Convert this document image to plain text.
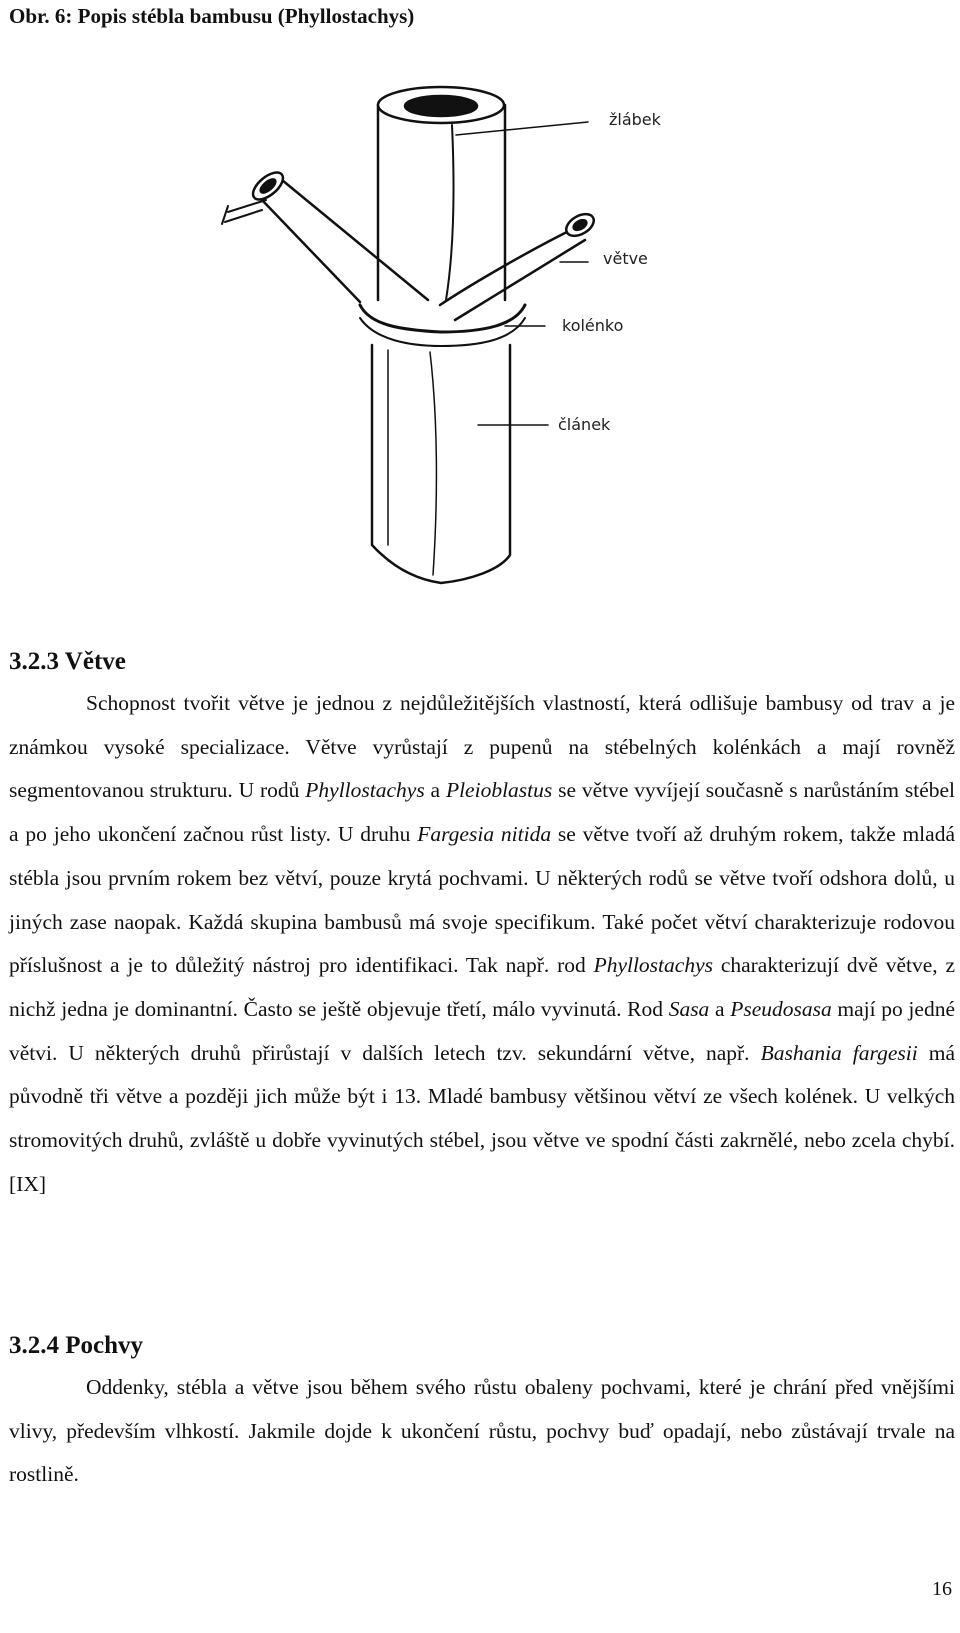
Obr. 6: Popis stébla bambusu (Phyllostachys)

žlábek
větve
kolénko
článek
3.2.3 Větve

Schopnost tvořit větve je jednou z nejdůležitějších vlastností, která odlišuje bambusy od trav a je známkou vysoké specializace. Větve vyrůstají z pupenů na stébelných kolénkách a mají rovněž segmentovanou strukturu. U rodů Phyllostachys a Pleioblastus se větve vyvíjejí současně s narůstáním stébel a po jeho ukončení začnou růst listy. U druhu Fargesia nitida se větve tvoří až druhým rokem, takže mladá stébla jsou prvním rokem bez větví, pouze krytá pochvami. U některých rodů se větve tvoří odshora dolů, u jiných zase naopak. Každá skupina bambusů má svoje specifikum. Také počet větví charakterizuje rodovou příslušnost a je to důležitý nástroj pro identifikaci. Tak např. rod Phyllostachys charakterizují dvě větve, z nichž jedna je dominantní. Často se ještě objevuje třetí, málo vyvinutá. Rod Sasa a Pseudosasa mají po jedné větvi. U některých druhů přirůstají v dalších letech tzv. sekundární větve, např. Bashania fargesii má původně tři větve a později jich může být i 13. Mladé bambusy většinou větví ze všech kolének. U velkých stromovitých druhů, zvláště u dobře vyvinutých stébel, jsou větve ve spodní části zakrnělé, nebo zcela chybí. [IX]

3.2.4 Pochvy

Oddenky, stébla a větve jsou během svého růstu obaleny pochvami, které je chrání před vnějšími vlivy, především vlhkostí. Jakmile dojde k ukončení růstu, pochvy buď opadají, nebo zůstávají trvale na rostlině.

16
